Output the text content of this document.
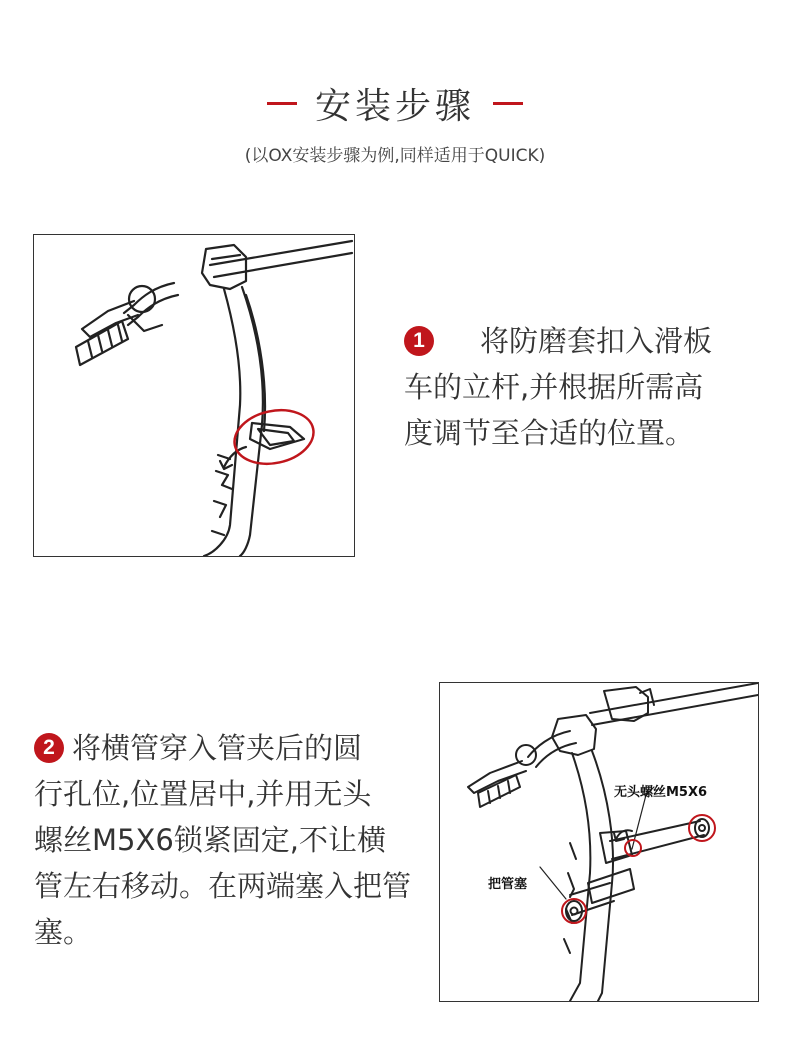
安装步骤
(以OX安装步骤为例,同样适用于QUICK)
1 将防磨套扣入滑板
车的立杆,并根据所需高
度调节至合适的位置。
2 将横管穿入管夹后的圆
行孔位,位置居中,并用无头
螺丝M5X6锁紧固定,不让横
管左右移动。在两端塞入把管
塞。
无头螺丝M5X6
把管塞
